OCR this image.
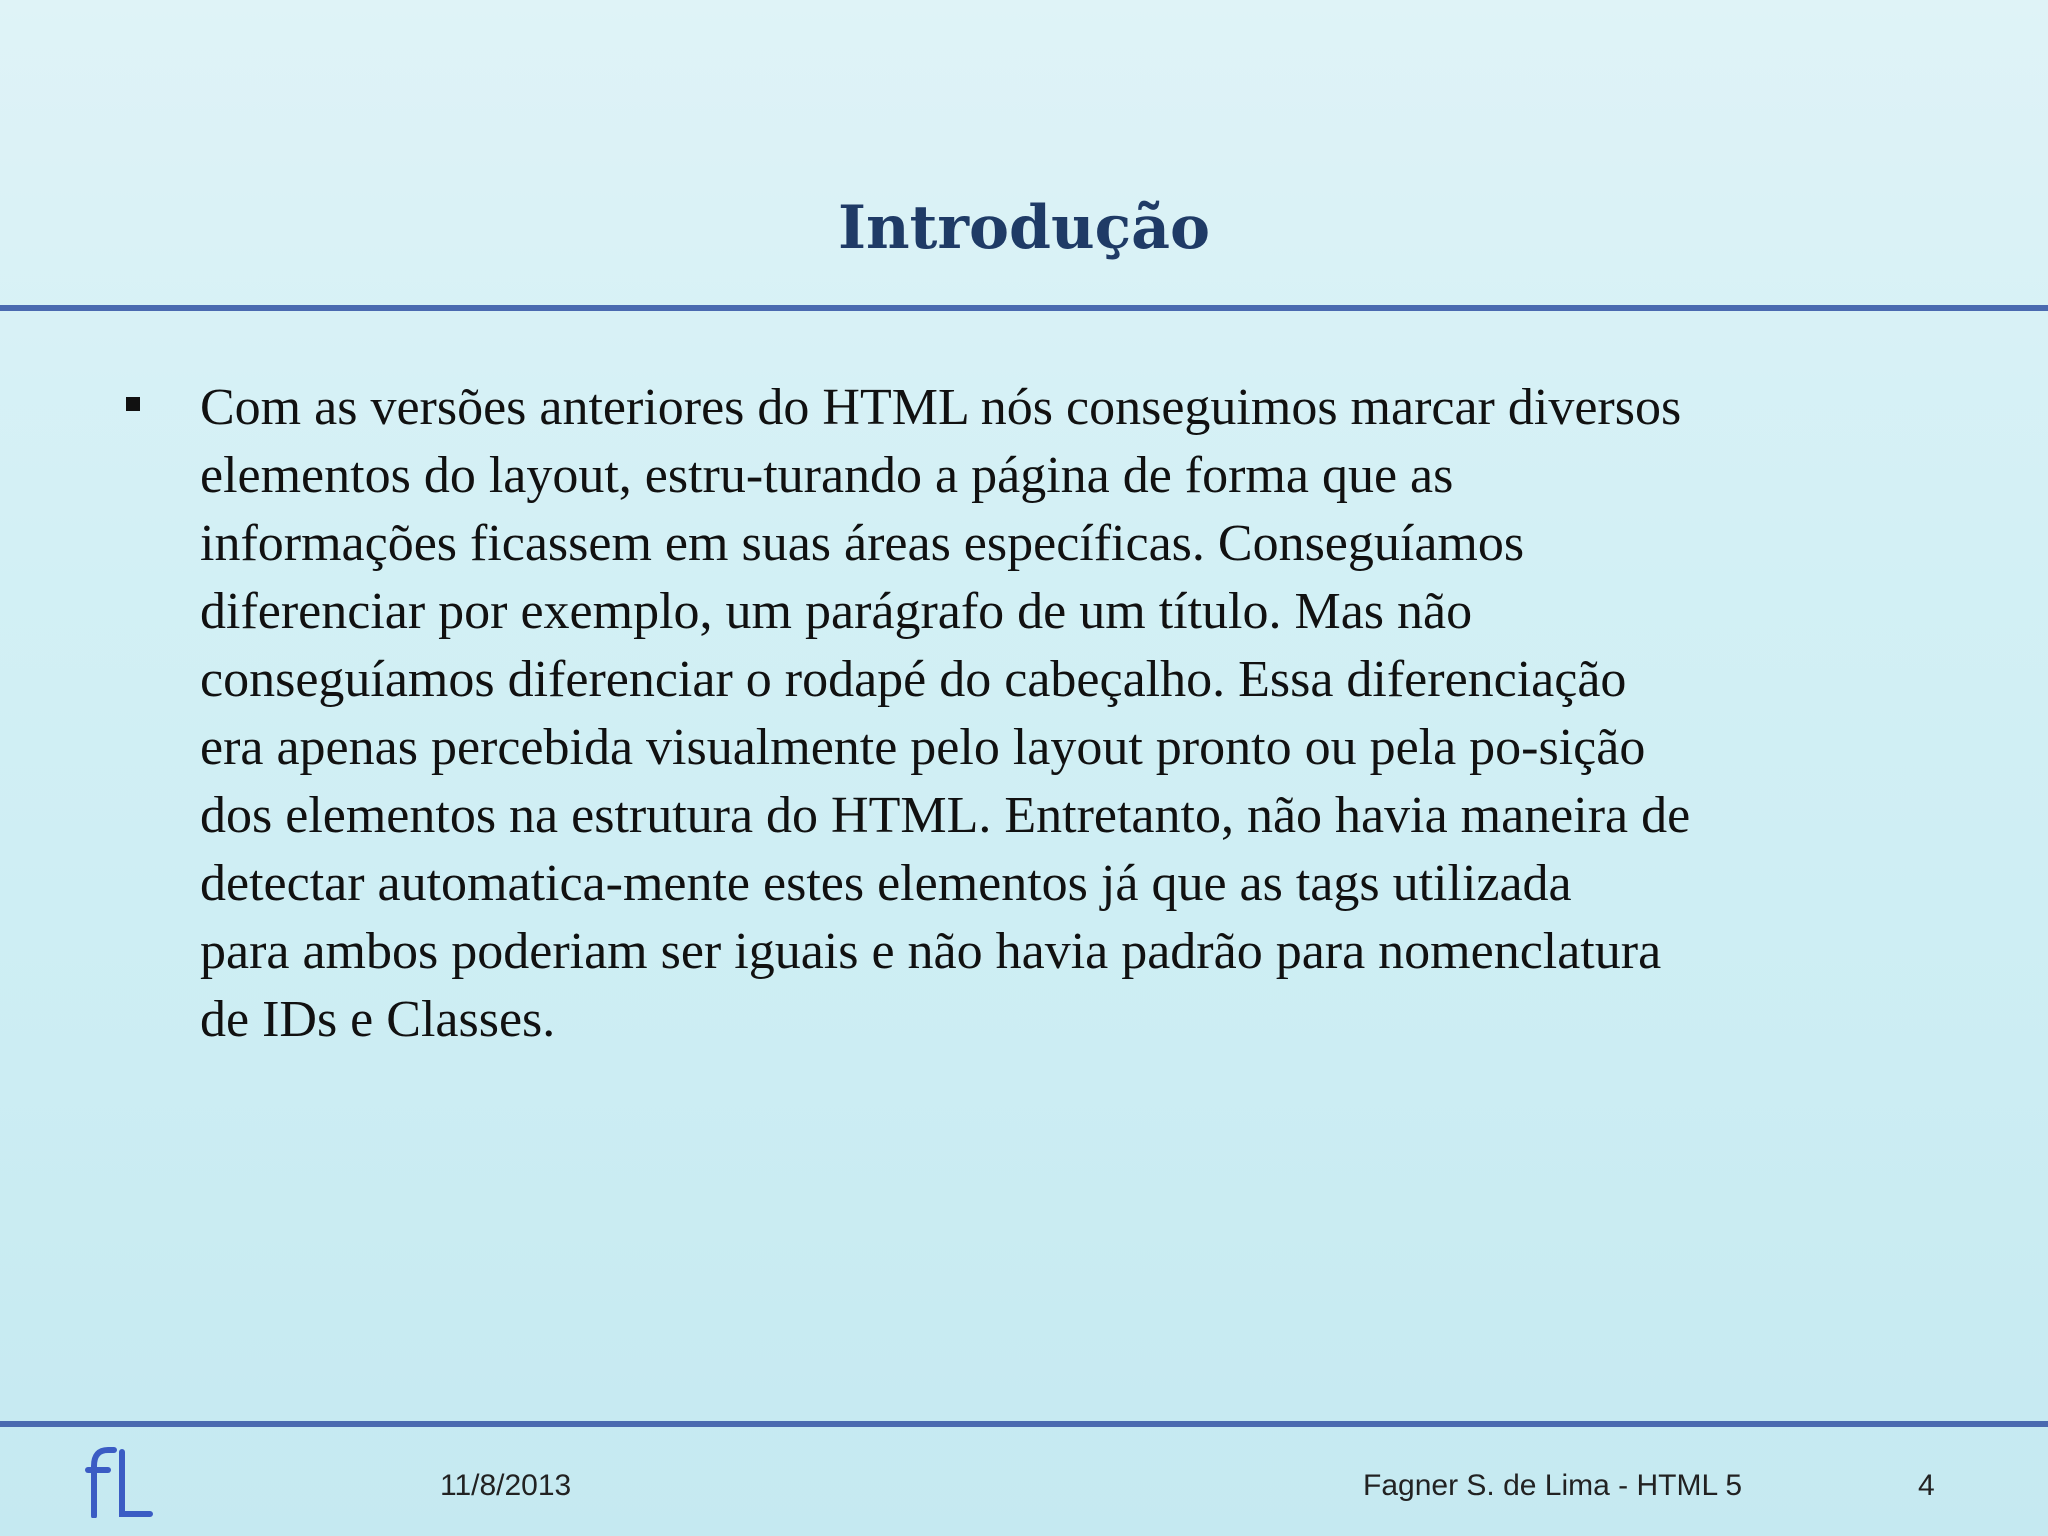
Introdução
Com as versões anteriores do HTML nós conseguimos marcar diversos
elementos do layout, estru-turando a página de forma que as
informações ficassem em suas áreas específicas. Conseguíamos
diferenciar por exemplo, um parágrafo de um título. Mas não
conseguíamos diferenciar o rodapé do cabeçalho. Essa diferenciação
era apenas percebida visualmente pelo layout pronto ou pela po-sição
dos elementos na estrutura do HTML. Entretanto, não havia maneira de
detectar automatica-mente estes elementos já que as tags utilizada
para ambos poderiam ser iguais e não havia padrão para nomenclatura
de IDs e Classes.
11/8/2013	Fagner S. de Lima - HTML 5	4
